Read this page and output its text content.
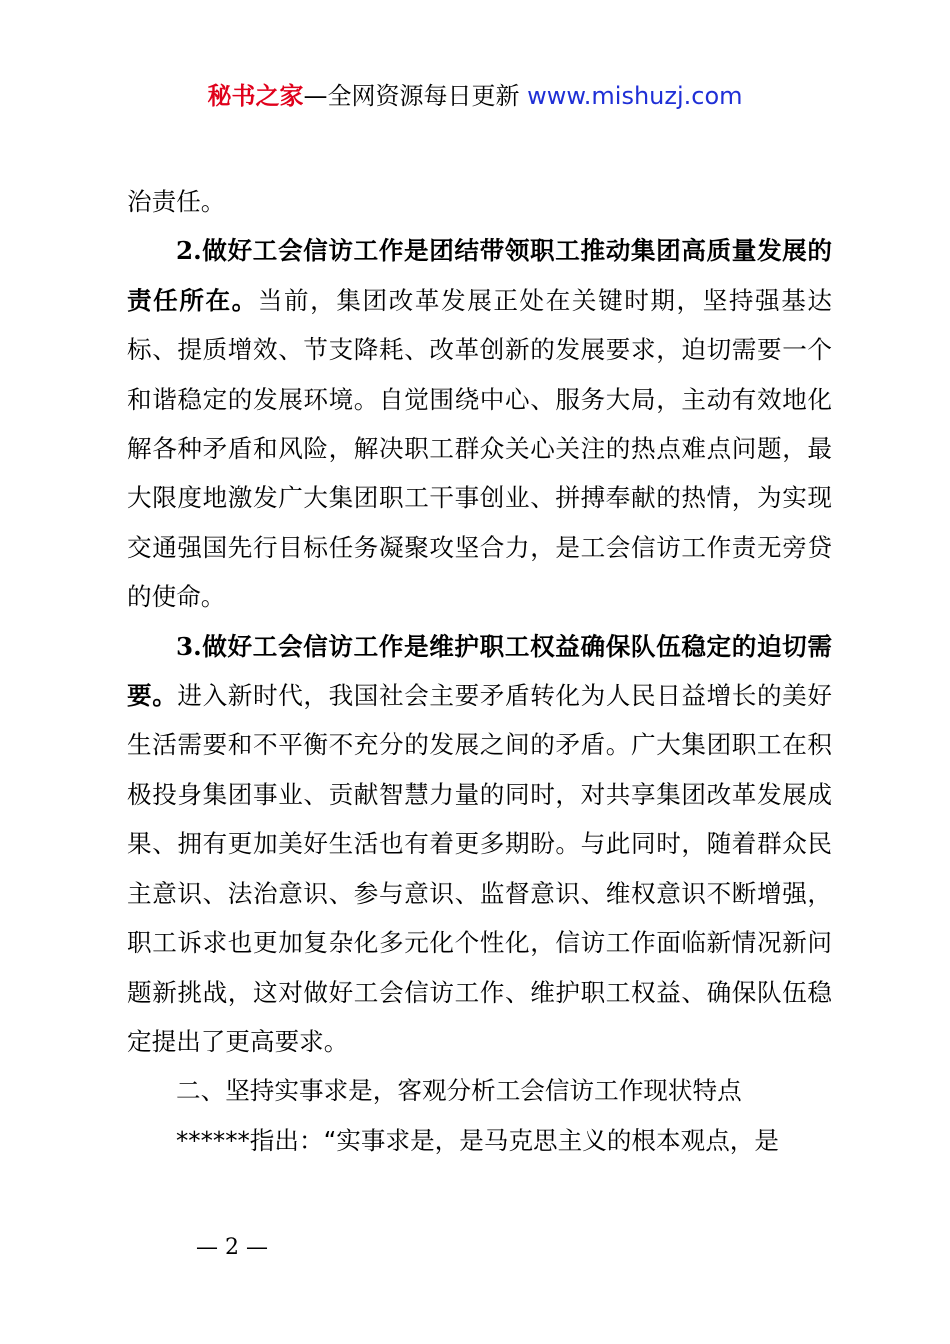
秘书之家—全网资源每日更新 www.mishuzj.com

治责任。

2.做好工会信访工作是团结带领职工推动集团高质量发展的责任所在。当前，集团改革发展正处在关键时期，坚持强基达标、提质增效、节支降耗、改革创新的发展要求，迫切需要一个和谐稳定的发展环境。自觉围绕中心、服务大局，主动有效地化解各种矛盾和风险，解决职工群众关心关注的热点难点问题，最大限度地激发广大集团职工干事创业、拼搏奉献的热情，为实现交通强国先行目标任务凝聚攻坚合力，是工会信访工作责无旁贷的使命。

3.做好工会信访工作是维护职工权益确保队伍稳定的迫切需要。进入新时代，我国社会主要矛盾转化为人民日益增长的美好生活需要和不平衡不充分的发展之间的矛盾。广大集团职工在积极投身集团事业、贡献智慧力量的同时，对共享集团改革发展成果、拥有更加美好生活也有着更多期盼。与此同时，随着群众民主意识、法治意识、参与意识、监督意识、维权意识不断增强，职工诉求也更加复杂化多元化个性化，信访工作面临新情况新问题新挑战，这对做好工会信访工作、维护职工权益、确保队伍稳定提出了更高要求。

二、坚持实事求是，客观分析工会信访工作现状特点

******指出：“实事求是，是马克思主义的根本观点，是

— 2 —
